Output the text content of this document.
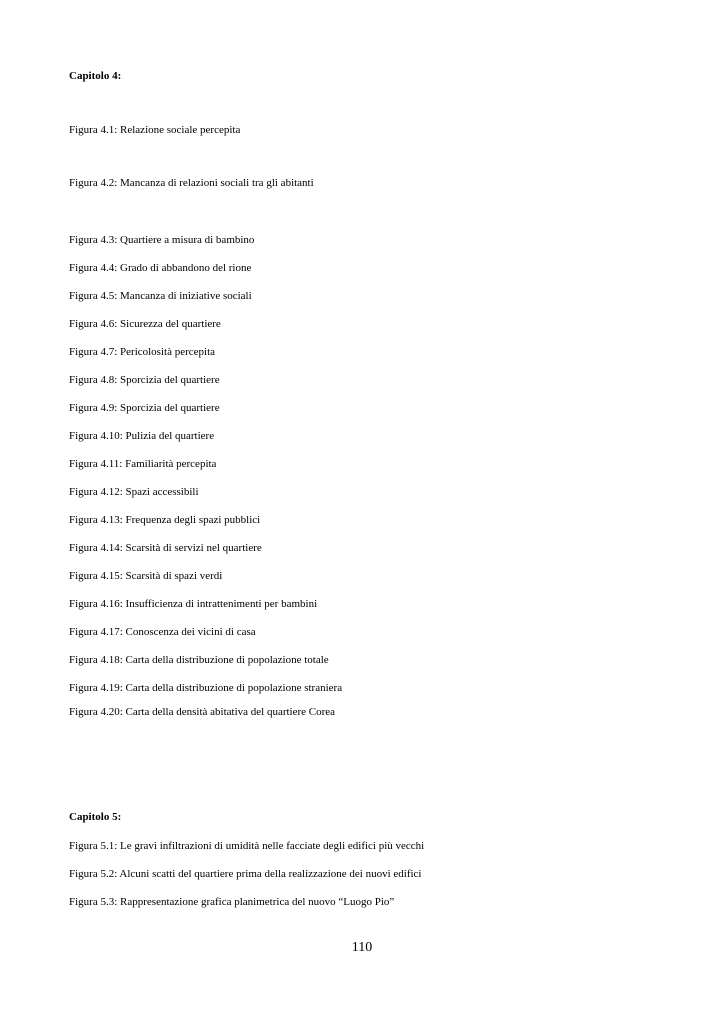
Capitolo 4:
Figura 4.1: Relazione sociale percepita
Figura 4.2: Mancanza di relazioni sociali tra gli abitanti
Figura 4.3: Quartiere a misura di bambino
Figura 4.4: Grado di abbandono del rione
Figura 4.5: Mancanza di iniziative sociali
Figura 4.6: Sicurezza del quartiere
Figura 4.7: Pericolosità percepita
Figura 4.8: Sporcizia del quartiere
Figura 4.9: Sporcizia del quartiere
Figura 4.10: Pulizia del quartiere
Figura 4.11: Familiarità percepita
Figura 4.12: Spazi accessibili
Figura 4.13: Frequenza degli spazi pubblici
Figura 4.14: Scarsità di servizi nel quartiere
Figura 4.15: Scarsità di spazi verdi
Figura 4.16: Insufficienza di intrattenimenti per bambini
Figura 4.17: Conoscenza dei vicini di casa
Figura 4.18: Carta della distribuzione di popolazione totale
Figura 4.19: Carta della distribuzione di popolazione straniera
Figura 4.20: Carta della densità abitativa del quartiere Corea
Capitolo 5:
Figura 5.1: Le gravi infiltrazioni di umidità nelle facciate degli edifici più vecchi
Figura 5.2: Alcuni scatti del quartiere prima della realizzazione dei nuovi edifici
Figura 5.3: Rappresentazione grafica planimetrica del nuovo “Luogo Pio”
110
